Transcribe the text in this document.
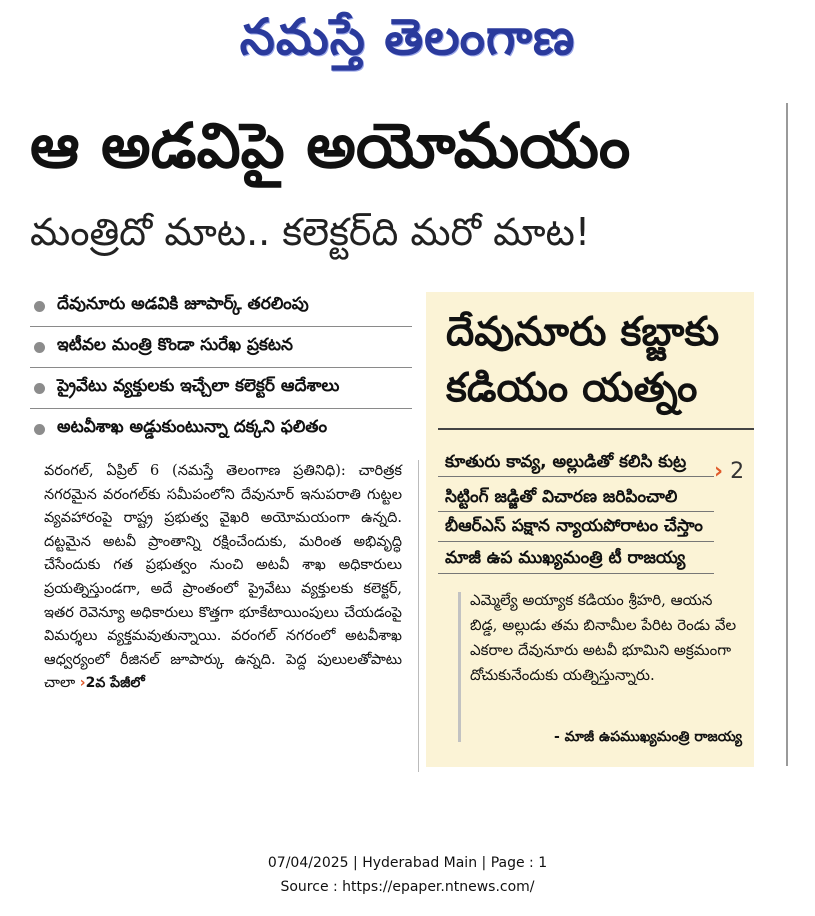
నమస్తే తెలంగాణ
ఆ అడవిపై అయోమయం
మంత్రిదో మాట.. కలెక్టర్‌ది మరో మాట!
దేవునూరు అడవికి జూపార్క్‌ తరలింపు
ఇటీవల మంత్రి కొండా సురేఖ ప్రకటన
ప్రైవేటు వ్యక్తులకు ఇచ్చేలా కలెక్టర్‌ ఆదేశాలు
అటవీశాఖ అడ్డుకుంటున్నా దక్కని ఫలితం
వరంగల్‌, ఏప్రిల్‌ 6 (నమస్తే తెలంగాణ ప్రతినిధి): చారిత్రక నగరమైన వరంగల్‌కు సమీపంలోని దేవునూర్‌ ఇనుపరాతి గుట్టల వ్యవహారంపై రాష్ట్ర ప్రభుత్వ వైఖరి అయోమయంగా ఉన్నది. దట్టమైన అటవీ ప్రాంతాన్ని రక్షించేందుకు, మరింత అభివృద్ధి చేసేందుకు గత ప్రభుత్వం నుంచి అటవీ శాఖ అధికారులు ప్రయత్నిస్తుండగా, అదే ప్రాంతంలో ప్రైవేటు వ్యక్తులకు కలెక్టర్‌, ఇతర రెవెన్యూ అధికారులు కొత్తగా భూకేటాయింపులు చేయడంపై విమర్శలు వ్యక్తమవుతున్నాయి. వరంగల్‌ నగరంలో అటవీశాఖ ఆధ్వర్యంలో రీజినల్‌ జూపార్కు ఉన్నది. పెద్ద పులులతోపాటు చాలా ›2వ పేజీలో
దేవునూరు కబ్జాకు
కడియం యత్నం
కూతురు కావ్య, అల్లుడితో కలిసి కుట్ర
సిట్టింగ్‌ జడ్జితో విచారణ జరిపించాలి
బీఆర్‌ఎస్‌ పక్షాన న్యాయపోరాటం చేస్తాం
మాజీ ఉప ముఖ్యమంత్రి టీ రాజయ్య
› 2
ఎమ్మెల్యే అయ్యాక కడియం శ్రీహరి, ఆయన బిడ్డ, అల్లుడు తమ బినామీల పేరిట రెండు వేల ఎకరాల దేవునూరు అటవీ భూమిని అక్రమంగా దోచుకునేందుకు యత్నిస్తున్నారు.
- మాజీ ఉపముఖ్యమంత్రి రాజయ్య
07/04/2025 | Hyderabad Main | Page : 1
Source : https://epaper.ntnews.com/
